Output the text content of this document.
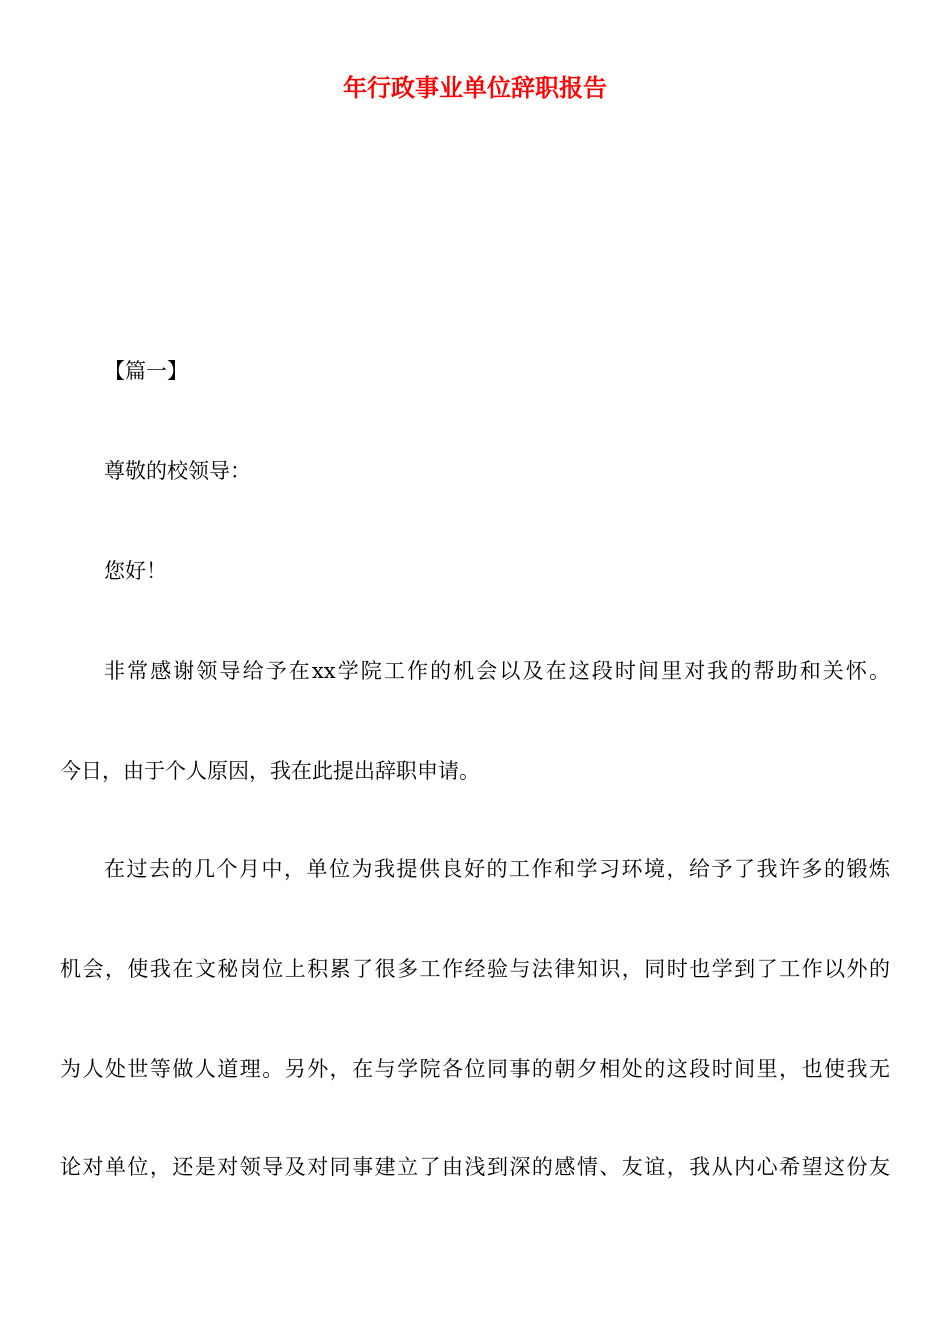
年行政事业单位辞职报告
【篇一】
尊敬的校领导：
您好！
非常感谢领导给予在xx学院工作的机会以及在这段时间里对我的帮助和关怀。
今日，由于个人原因，我在此提出辞职申请。
在过去的几个月中，单位为我提供良好的工作和学习环境，给予了我许多的锻炼
机会，使我在文秘岗位上积累了很多工作经验与法律知识，同时也学到了工作以外的
为人处世等做人道理。另外，在与学院各位同事的朝夕相处的这段时间里，也使我无
论对单位，还是对领导及对同事建立了由浅到深的感情、友谊，我从内心希望这份友
